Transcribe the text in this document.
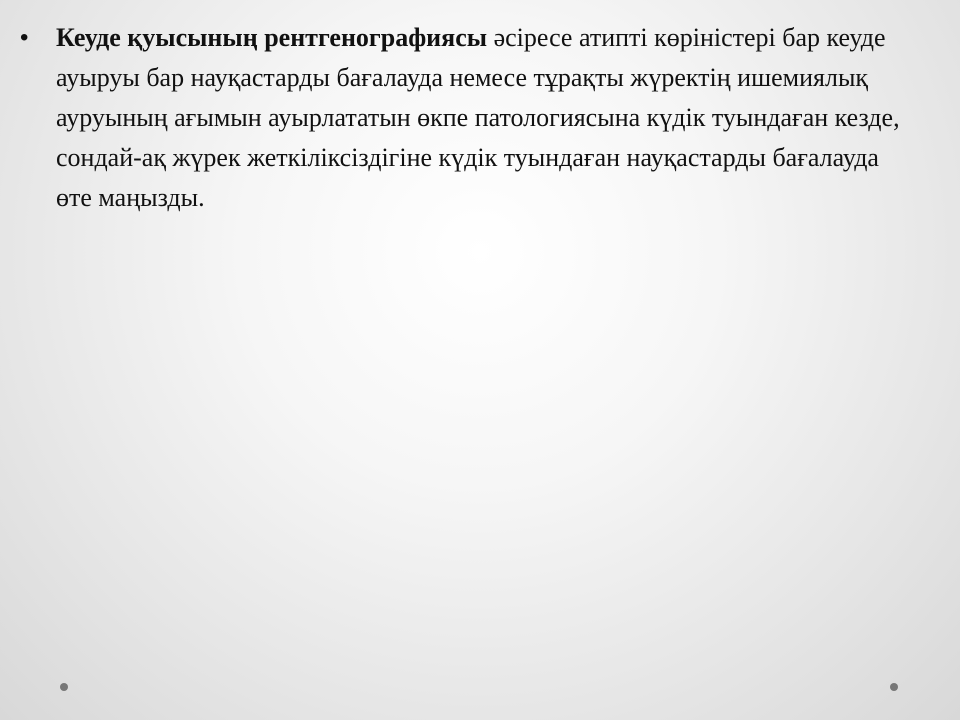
• Кеуде қуысының рентгенографиясы әсіресе атипті көріністері бар кеуде ауыруы бар науқастарды бағалауда немесе тұрақты жүректің ишемиялық ауруының ағымын ауырлататын өкпе патологиясына күдік туындаған кезде, сондай-ақ жүрек жеткіліксіздігіне күдік туындаған науқастарды бағалауда өте маңызды.
